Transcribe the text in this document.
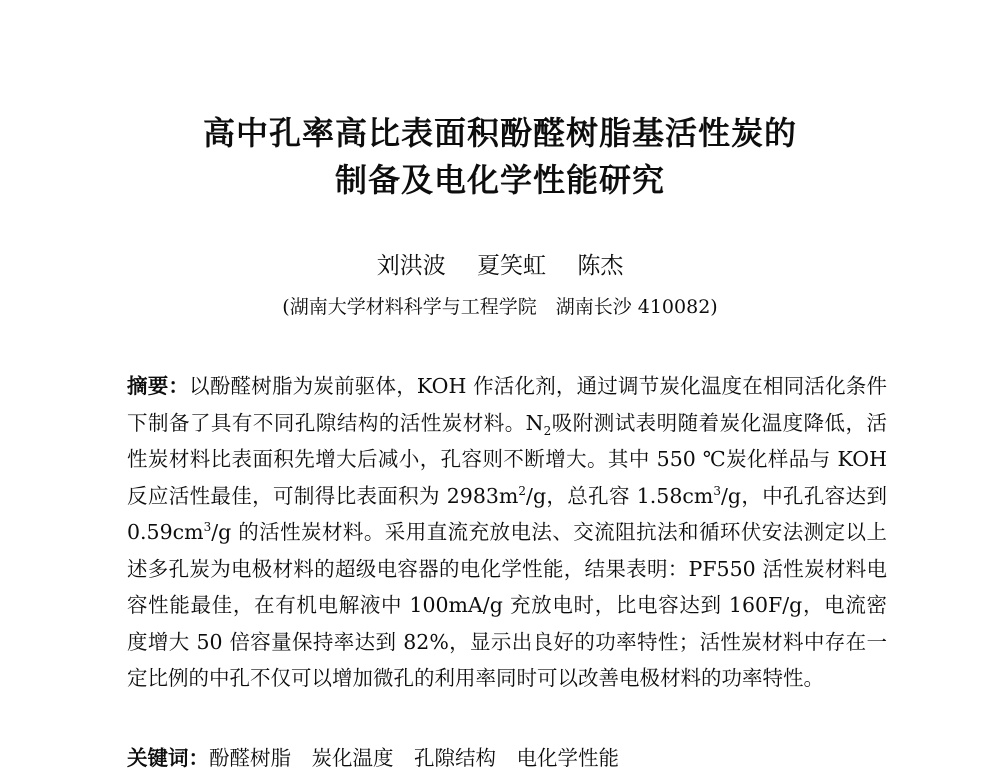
高中孔率高比表面积酚醛树脂基活性炭的
制备及电化学性能研究
刘洪波 夏笑虹 陈杰
(湖南大学材料科学与工程学院　湖南长沙 410082)

摘要：以酚醛树脂为炭前驱体，KOH 作活化剂，通过调节炭化温度在相同活化条件下制备了具有不同孔隙结构的活性炭材料。$N_2$吸附测试表明随着炭化温度降低，活性炭材料比表面积先增大后减小，孔容则不断增大。其中 550 ℃炭化样品与 KOH 反应活性最佳，可制得比表面积为 $2983m^2/g$，总孔容 $1.58cm^3/g$，中孔孔容达到 $0.59cm^3/g$ 的活性炭材料。采用直流充放电法、交流阻抗法和循环伏安法测定以上述多孔炭为电极材料的超级电容器的电化学性能，结果表明：PF550 活性炭材料电容性能最佳，在有机电解液中 100mA/g 充放电时，比电容达到 160F/g，电流密度增大 50 倍容量保持率达到 82%，显示出良好的功率特性；活性炭材料中存在一定比例的中孔不仅可以增加微孔的利用率同时可以改善电极材料的功率特性。

关键词：酚醛树脂　炭化温度　孔隙结构　电化学性能
